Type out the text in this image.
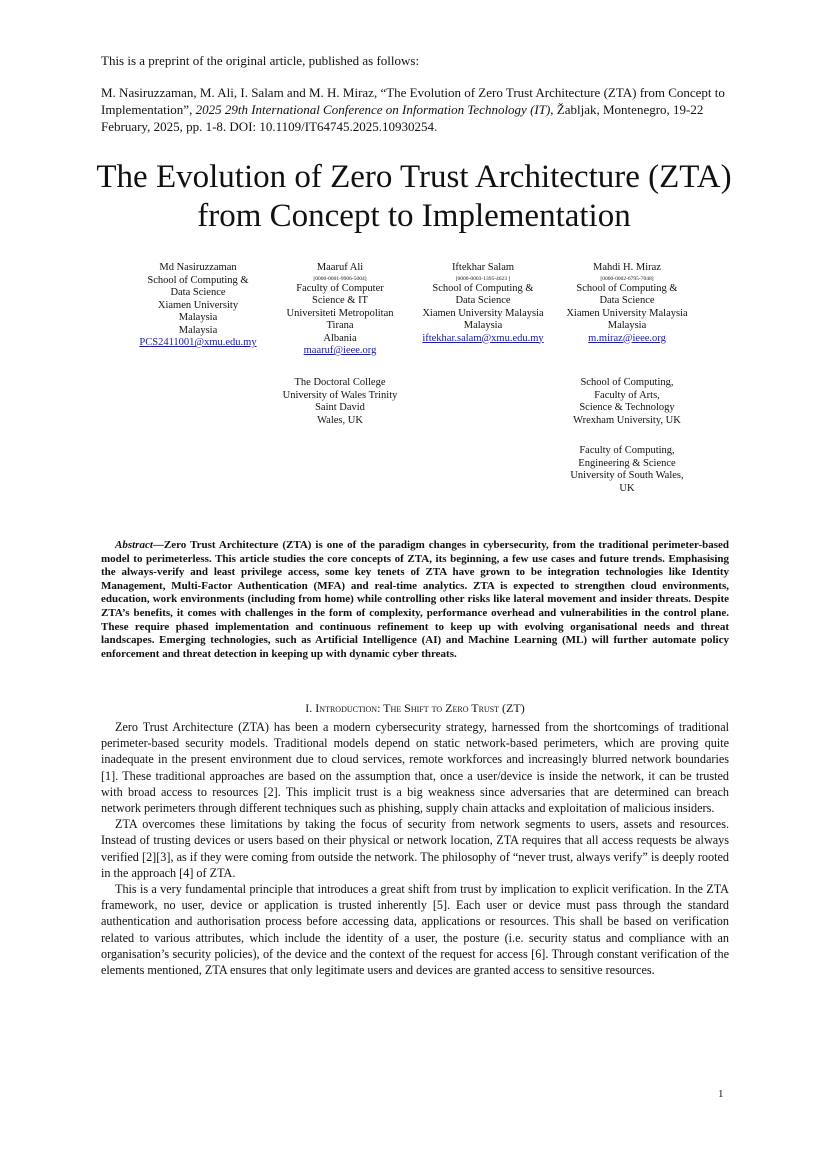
This is a preprint of the original article, published as follows:
M. Nasiruzzaman, M. Ali, I. Salam and M. H. Miraz, “The Evolution of Zero Trust Architecture (ZTA) from Concept to Implementation”, 2025 29th International Conference on Information Technology (IT), Žabljak, Montenegro, 19-22 February, 2025, pp. 1-8. DOI: 10.1109/IT64745.2025.10930254.
The Evolution of Zero Trust Architecture (ZTA)
from Concept to Implementation
Md Nasiruzzaman
School of Computing &
Data Science
Xiamen University
Malaysia
Malaysia
PCS2411001@xmu.edu.my
Maaruf Ali
[0000-0001-9906-5004]
Faculty of Computer
Science & IT
Universiteti Metropolitan
Tirana
Albania
maaruf@ieee.org
Iftekhar Salam
[0000-0003-1395-4623 ]
School of Computing &
Data Science
Xiamen University Malaysia
Malaysia
iftekhar.salam@xmu.edu.my
Mahdi H. Miraz
[0000-0002-6795-7048]
School of Computing &
Data Science
Xiamen University Malaysia
Malaysia
m.miraz@ieee.org
The Doctoral College
University of Wales Trinity
Saint David
Wales, UK
School of Computing,
Faculty of Arts,
Science & Technology
Wrexham University, UK
Faculty of Computing,
Engineering & Science
University of South Wales,
UK
Abstract—Zero Trust Architecture (ZTA) is one of the paradigm changes in cybersecurity, from the traditional perimeter-based model to perimeterless. This article studies the core concepts of ZTA, its beginning, a few use cases and future trends. Emphasising the always-verify and least privilege access, some key tenets of ZTA have grown to be integration technologies like Identity Management, Multi-Factor Authentication (MFA) and real-time analytics. ZTA is expected to strengthen cloud environments, education, work environments (including from home) while controlling other risks like lateral movement and insider threats. Despite ZTA’s benefits, it comes with challenges in the form of complexity, performance overhead and vulnerabilities in the control plane. These require phased implementation and continuous refinement to keep up with evolving organisational needs and threat landscapes. Emerging technologies, such as Artificial Intelligence (AI) and Machine Learning (ML) will further automate policy enforcement and threat detection in keeping up with dynamic cyber threats.
I. Introduction: The Shift to Zero Trust (ZT)

Zero Trust Architecture (ZTA) has been a modern cybersecurity strategy, harnessed from the shortcomings of traditional perimeter-based security models. Traditional models depend on static network-based perimeters, which are proving quite inadequate in the present environment due to cloud services, remote workforces and increasingly blurred network boundaries [1]. These traditional approaches are based on the assumption that, once a user/device is inside the network, it can be trusted with broad access to resources [2]. This implicit trust is a big weakness since adversaries that are determined can breach network perimeters through different techniques such as phishing, supply chain attacks and exploitation of malicious insiders.

ZTA overcomes these limitations by taking the focus of security from network segments to users, assets and resources. Instead of trusting devices or users based on their physical or network location, ZTA requires that all access requests be always verified [2][3], as if they were coming from outside the network. The philosophy of “never trust, always verify” is deeply rooted in the approach [4] of ZTA.

This is a very fundamental principle that introduces a great shift from trust by implication to explicit verification. In the ZTA framework, no user, device or application is trusted inherently [5]. Each user or device must pass through the standard authentication and authorisation process before accessing data, applications or resources. This shall be based on verification related to various attributes, which include the identity of a user, the posture (i.e. security status and compliance with an organisation’s security policies), of the device and the context of the request for access [6]. Through constant verification of the elements mentioned, ZTA ensures that only legitimate users and devices are granted access to sensitive resources.

1
